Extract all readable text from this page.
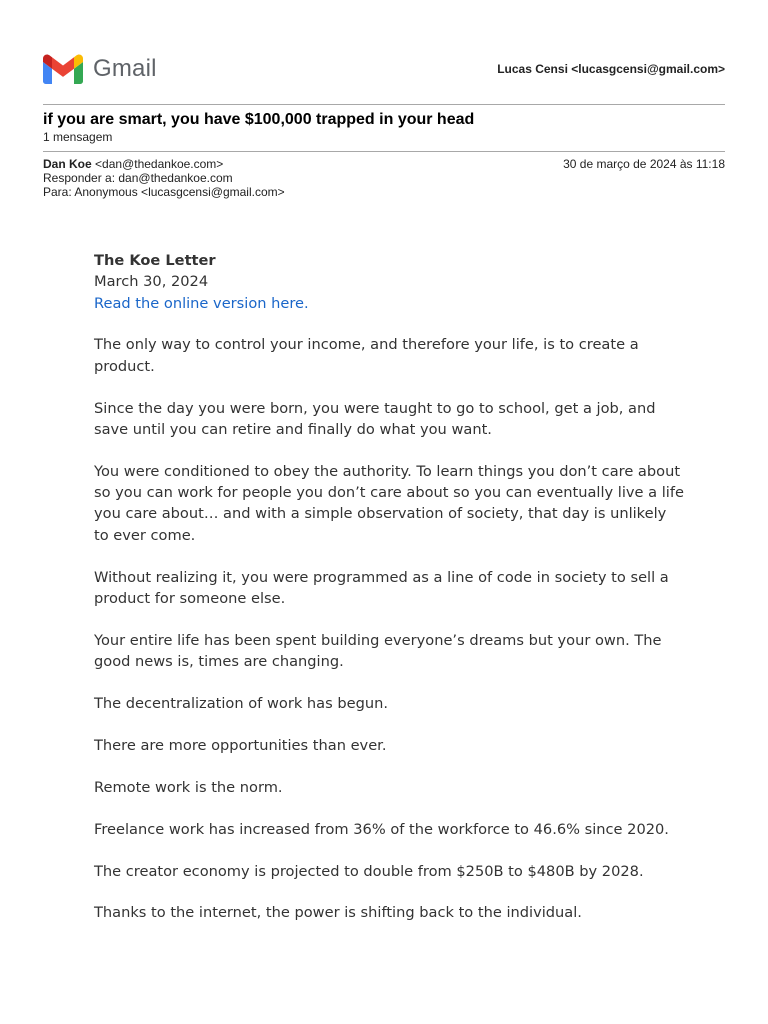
Gmail	Lucas Censi <lucasgcensi@gmail.com>
if you are smart, you have $100,000 trapped in your head
1 mensagem
Dan Koe <dan@thedankoe.com>
Responder a: dan@thedankoe.com
Para: Anonymous <lucasgcensi@gmail.com>
30 de março de 2024 às 11:18
The Koe Letter
March 30, 2024
Read the online version here.

The only way to control your income, and therefore your life, is to create a product.

Since the day you were born, you were taught to go to school, get a job, and save until you can retire and finally do what you want.

You were conditioned to obey the authority. To learn things you don’t care about so you can work for people you don’t care about so you can eventually live a life you care about… and with a simple observation of society, that day is unlikely to ever come.

Without realizing it, you were programmed as a line of code in society to sell a product for someone else.

Your entire life has been spent building everyone’s dreams but your own. The good news is, times are changing.

The decentralization of work has begun.

There are more opportunities than ever.

Remote work is the norm.

Freelance work has increased from 36% of the workforce to 46.6% since 2020.

The creator economy is projected to double from $250B to $480B by 2028.

Thanks to the internet, the power is shifting back to the individual.
